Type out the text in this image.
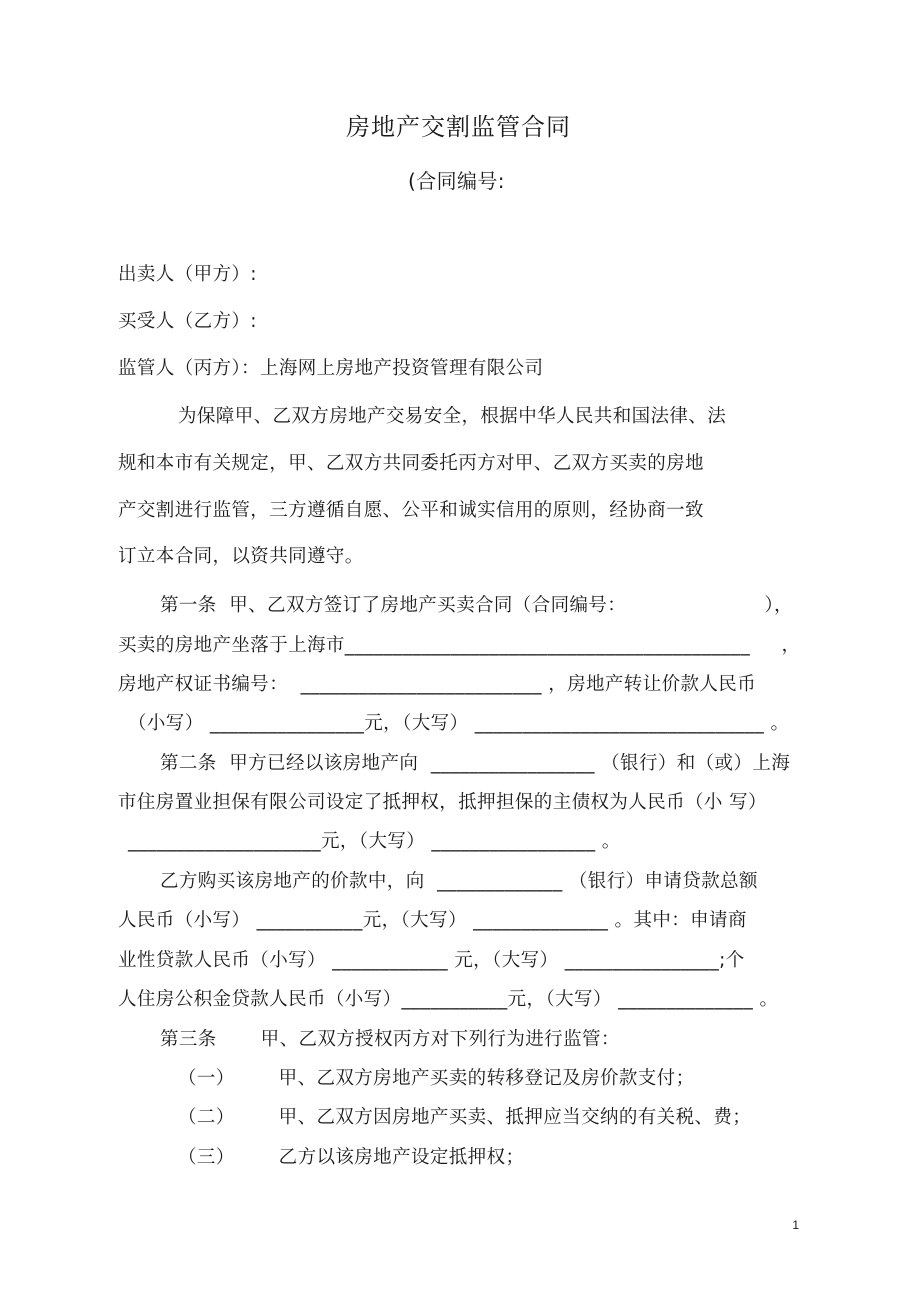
房地产交割监管合同
(合同编号:
出卖人（甲方）:
买受人（乙方）:
监管人（丙方）：上海网上房地产投资管理有限公司
为保障甲、乙双方房地产交易安全，根据中华人民共和国法律、法
规和本市有关规定，甲、乙双方共同委托丙方对甲、乙双方买卖的房地
产交割进行监管，三方遵循自愿、公平和诚实信用的原则，经协商一致
订立本合同，以资共同遵守。
第一条  甲、乙双方签订了房地产买卖合同（合同编号：                      ），
买卖的房地产坐落于上海市__________________________________________     ，
房地产权证书编号：  _________________________ ，房地产转让价款人民币
（小写） ________________元，（大写） ______________________________ 。
第二条  甲方已经以该房地产向  _________________ （银行）和（或）上海
市住房置业担保有限公司设定了抵押权，抵押担保的主债权为人民币（小 写）
____________________元，（大写） _________________ 。
乙方购买该房地产的价款中，向  _____________ （银行）申请贷款总额
人民币（小写） ___________元，（大写） ______________ 。其中：申请商
业性贷款人民币（小写） ____________ 元，（大写） ________________;个
人住房公积金贷款人民币（小写）___________元，（大写） ______________ 。
第三条       甲、乙双方授权丙方对下列行为进行监管：
（一）       甲、乙双方房地产买卖的转移登记及房价款支付；
（二）       甲、乙双方因房地产买卖、抵押应当交纳的有关税、费；
（三）       乙方以该房地产设定抵押权；
1
